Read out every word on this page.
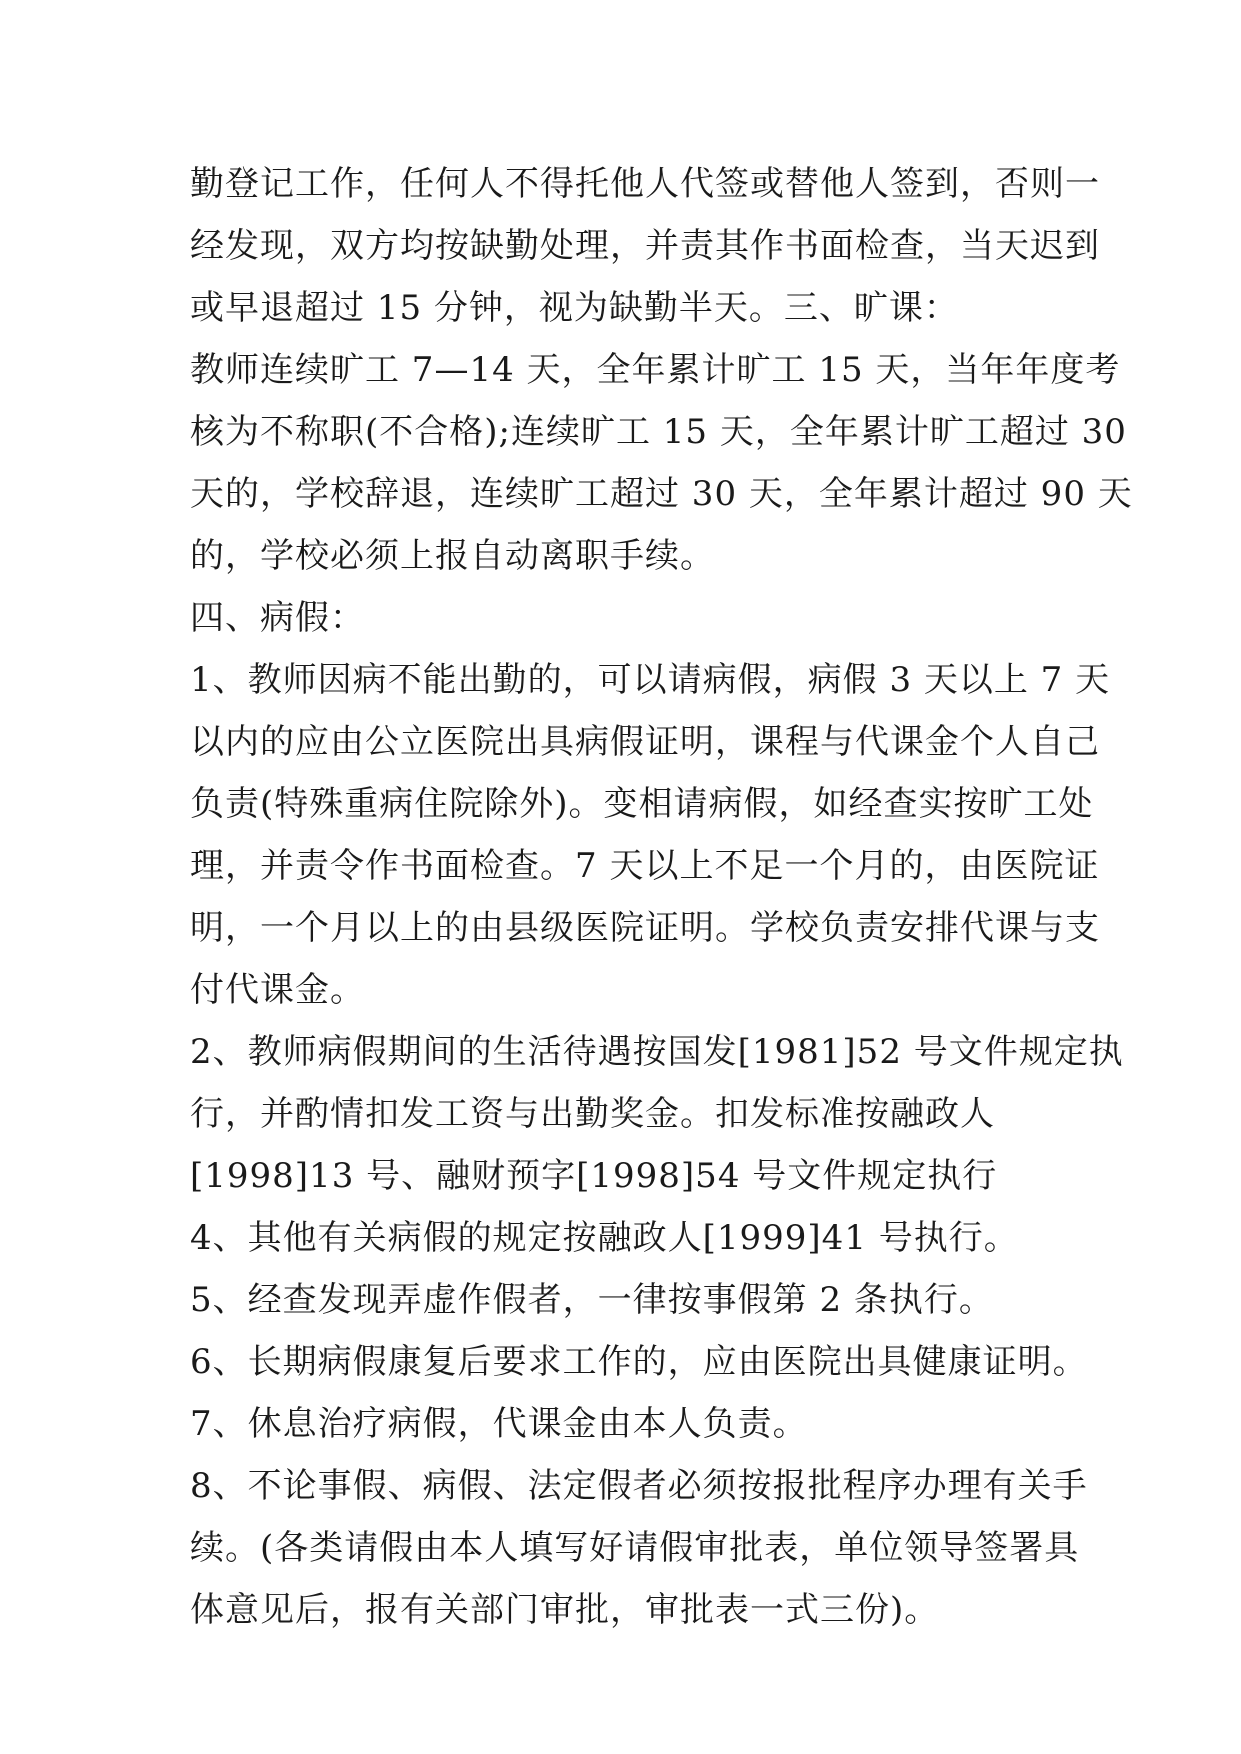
勤登记工作，任何人不得托他人代签或替他人签到，否则一
经发现，双方均按缺勤处理，并责其作书面检查，当天迟到
或早退超过 15 分钟，视为缺勤半天。三、旷课：
教师连续旷工 7—14 天，全年累计旷工 15 天，当年年度考
核为不称职(不合格);连续旷工 15 天，全年累计旷工超过 30
天的，学校辞退，连续旷工超过 30 天，全年累计超过 90 天
的，学校必须上报自动离职手续。
四、病假：
1、教师因病不能出勤的，可以请病假，病假 3 天以上 7 天
以内的应由公立医院出具病假证明，课程与代课金个人自己
负责(特殊重病住院除外)。变相请病假，如经查实按旷工处
理，并责令作书面检查。7 天以上不足一个月的，由医院证
明，一个月以上的由县级医院证明。学校负责安排代课与支
付代课金。
2、教师病假期间的生活待遇按国发[1981]52 号文件规定执
行，并酌情扣发工资与出勤奖金。扣发标准按融政人
[1998]13 号、融财预字[1998]54 号文件规定执行
4、其他有关病假的规定按融政人[1999]41 号执行。
5、经查发现弄虚作假者，一律按事假第 2 条执行。
6、长期病假康复后要求工作的，应由医院出具健康证明。
7、休息治疗病假，代课金由本人负责。
8、不论事假、病假、法定假者必须按报批程序办理有关手
续。(各类请假由本人填写好请假审批表，单位领导签署具
体意见后，报有关部门审批，审批表一式三份)。
